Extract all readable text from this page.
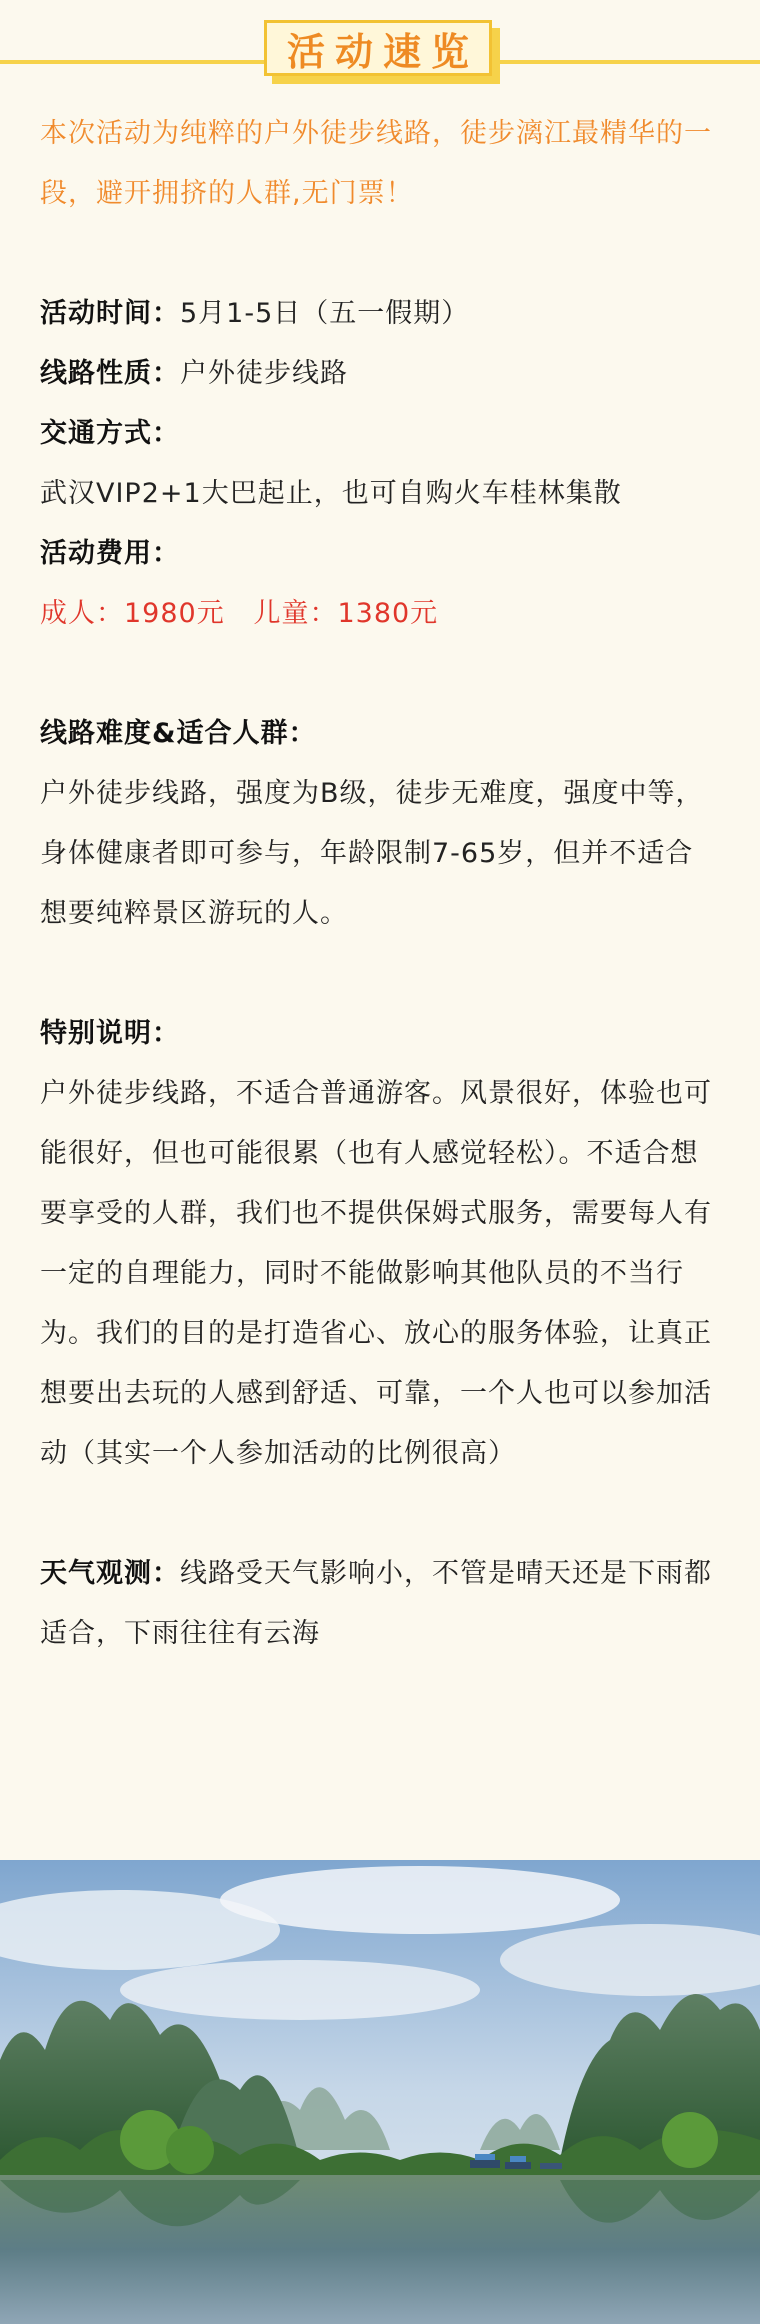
活动速览

本次活动为纯粹的户外徒步线路，徒步漓江最精华的一段，避开拥挤的人群,无门票！

活动时间：5月1-5日（五一假期）

线路性质：户外徒步线路

交通方式：

武汉VIP2+1大巴起止，也可自购火车桂林集散

活动费用：

成人：1980元 儿童：1380元

线路难度&适合人群：

户外徒步线路，强度为B级，徒步无难度，强度中等，身体健康者即可参与，年龄限制7-65岁，但并不适合想要纯粹景区游玩的人。

特别说明：

户外徒步线路，不适合普通游客。风景很好，体验也可能很好，但也可能很累（也有人感觉轻松）。不适合想要享受的人群，我们也不提供保姆式服务，需要每人有一定的自理能力，同时不能做影响其他队员的不当行为。我们的目的是打造省心、放心的服务体验，让真正想要出去玩的人感到舒适、可靠，一个人也可以参加活动（其实一个人参加活动的比例很高）

天气观测：线路受天气影响小，不管是晴天还是下雨都适合，下雨往往有云海
